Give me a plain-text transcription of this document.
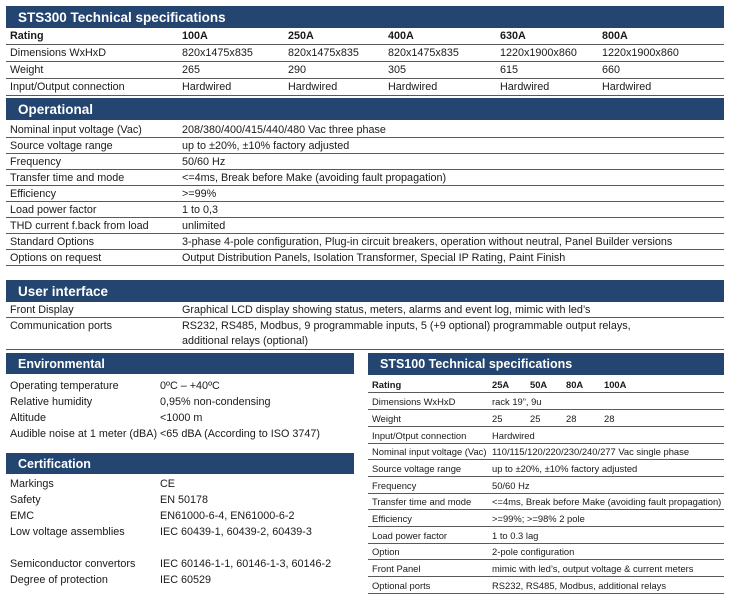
STS300 Technical specifications
Rating	100A	250A	400A	630A	800A
Dimensions WxHxD	820x1475x835	820x1475x835	820x1475x835	1220x1900x860 1220x1900x860
Weight	265	290	305	615	660
Input/Output connection	Hardwired	Hardwired	Hardwired	Hardwired	Hardwired
Operational
Nominal input voltage (Vac)	208/380/400/415/440/480 Vac three phase
Source voltage range	up to ±20%, ±10% factory adjusted
Frequency	50/60 Hz
Transfer time and mode	<=4ms, Break before Make (avoiding fault propagation)
Efficiency	>=99%
Load power factor	1 to 0,3
THD current f.back from load	unlimited
Standard Options	3-phase 4-pole configuration, Plug-in circuit breakers, operation without neutral, Panel Builder versions
Options on request	Output Distribution Panels, Isolation Transformer, Special IP Rating, Paint Finish
User interface
Front Display	Graphical LCD display showing status, meters, alarms and event log, mimic with led’s
Communication ports	RS232, RS485, Modbus, 9 programmable inputs, 5 (+9 optional) programmable output relays,
additional relays (optional)
Environmental
Operating temperature	0ºC – +40ºC
Relative humidity	0,95% non-condensing
Altitude	<1000 m
Audible noise at 1 meter (dBA) <65 dBA (According to ISO 3747)
Certification
Markings	CE
Safety	EN 50178
EMC	EN61000-6-4, EN61000-6-2
Low voltage assemblies	IEC 60439-1, 60439-2, 60439-3
Semiconductor convertors IEC 60146-1-1, 60146-1-3, 60146-2
Degree of protection	IEC 60529
STS100 Technical specifications
Rating	25A 50A 80A 100A
Dimensions WxHxD	rack 19”, 9u
Weight	25	25	28	28
Input/Otput connection	Hardwired
Nominal input voltage (Vac) 110/115/120/220/230/240/277 Vac single phase
Source voltage range	up to ±20%, ±10% factory adjusted
Frequency	50/60 Hz
Transfer time and mode <=4ms, Break before Make (avoiding fault propagation)
Efficiency	>=99%; >=98% 2 pole
Load power factor	1 to 0.3 lag
Option	2-pole configuration
Front Panel	mimic with led’s, output voltage & current meters
Optional ports	RS232, RS485, Modbus, additional relays
